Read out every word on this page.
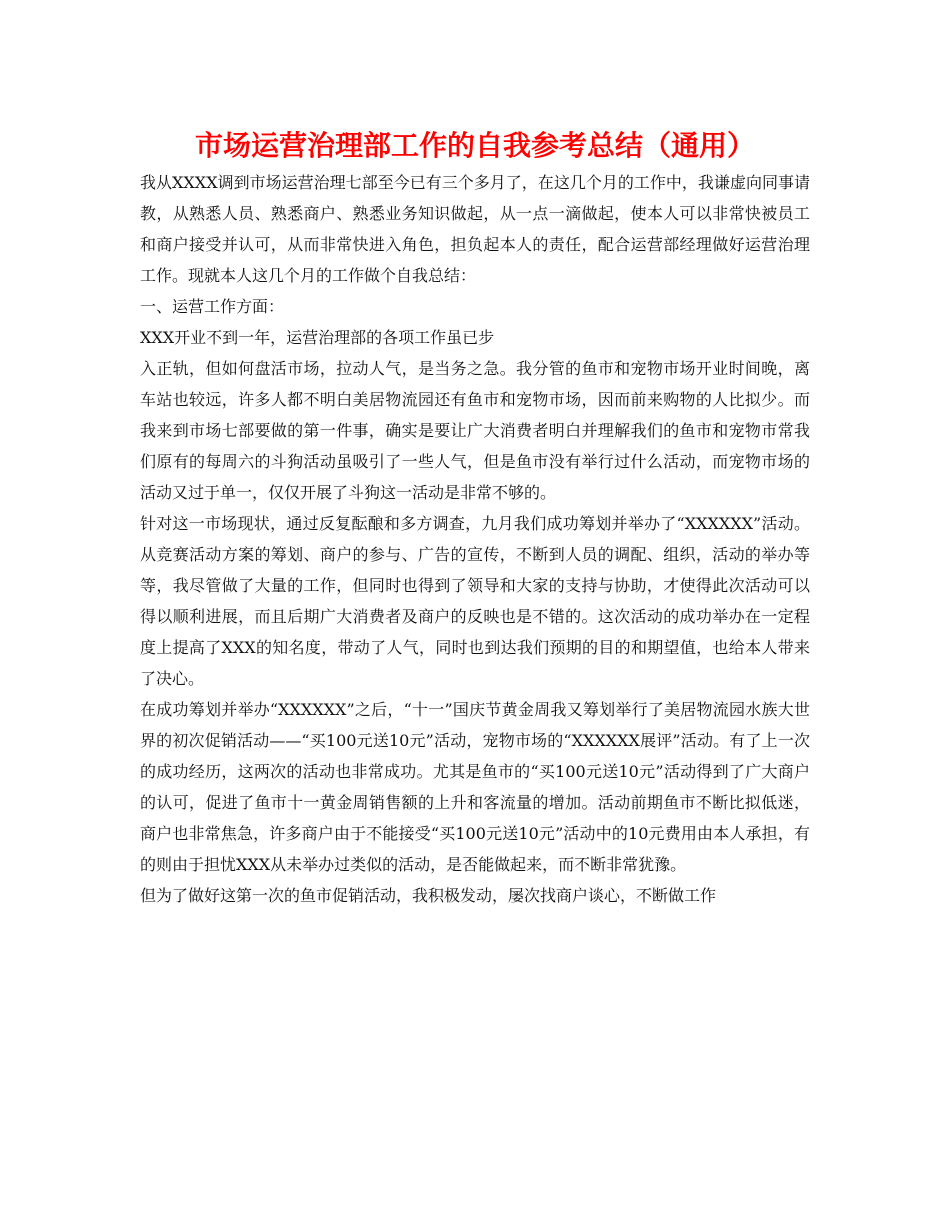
市场运营治理部工作的自我参考总结（通用）

我从XXXX调到市场运营治理七部至今已有三个多月了，在这几个月的工作中，我谦虚向同事请教，从熟悉人员、熟悉商户、熟悉业务知识做起，从一点一滴做起，使本人可以非常快被员工和商户接受并认可，从而非常快进入角色，担负起本人的责任，配合运营部经理做好运营治理工作。现就本人这几个月的工作做个自我总结：

一、运营工作方面：

XXX开业不到一年，运营治理部的各项工作虽已步

入正轨，但如何盘活市场，拉动人气，是当务之急。我分管的鱼市和宠物市场开业时间晚，离车站也较远，许多人都不明白美居物流园还有鱼市和宠物市场，因而前来购物的人比拟少。而我来到市场七部要做的第一件事，确实是要让广大消费者明白并理解我们的鱼市和宠物市常我们原有的每周六的斗狗活动虽吸引了一些人气，但是鱼市没有举行过什么活动，而宠物市场的活动又过于单一，仅仅开展了斗狗这一活动是非常不够的。

针对这一市场现状，通过反复酝酿和多方调查，九月我们成功筹划并举办了“XXXXXX”活动。从竞赛活动方案的筹划、商户的参与、广告的宣传，不断到人员的调配、组织，活动的举办等等，我尽管做了大量的工作，但同时也得到了领导和大家的支持与协助，才使得此次活动可以得以顺利进展，而且后期广大消费者及商户的反映也是不错的。这次活动的成功举办在一定程度上提高了XXX的知名度，带动了人气，同时也到达我们预期的目的和期望值，也给本人带来了决心。

在成功筹划并举办“XXXXXX”之后，“十一”国庆节黄金周我又筹划举行了美居物流园水族大世界的初次促销活动——“买100元送10元”活动，宠物市场的“XXXXXX展评”活动。有了上一次的成功经历，这两次的活动也非常成功。尤其是鱼市的“买100元送10元”活动得到了广大商户的认可，促进了鱼市十一黄金周销售额的上升和客流量的增加。活动前期鱼市不断比拟低迷，商户也非常焦急，许多商户由于不能接受“买100元送10元”活动中的10元费用由本人承担，有的则由于担忧XXX从未举办过类似的活动，是否能做起来，而不断非常犹豫。

但为了做好这第一次的鱼市促销活动，我积极发动，屡次找商户谈心，不断做工作
